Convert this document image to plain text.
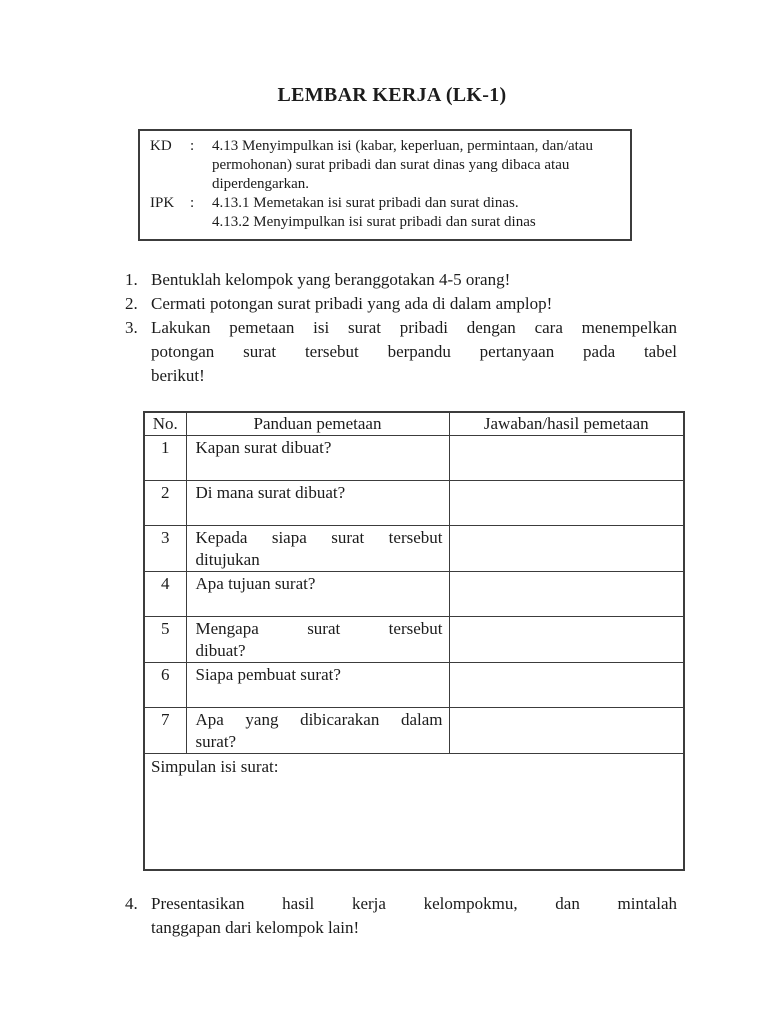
LEMBAR KERJA (LK-1)
KD	:	4.13 Menyimpulkan isi (kabar, keperluan, permintaan, dan/atau
permohonan) surat pribadi dan surat dinas yang dibaca atau
diperdengarkan.
IPK	:	4.13.1 Memetakan isi surat pribadi dan surat dinas.
4.13.2 Menyimpulkan isi surat pribadi dan surat dinas
1. Bentuklah kelompok yang beranggotakan 4-5 orang!
2. Cermati potongan surat pribadi yang ada di dalam amplop!
3. Lakukan pemetaan isi surat pribadi dengan cara menempelkan
potongan surat tersebut berpandu pertanyaan pada tabel
berikut!
No.	Panduan pemetaan	Jawaban/hasil pemetaan
1	Kapan surat dibuat?	

2	Di mana surat dibuat?	

3	Kepada siapa surat tersebut
ditujukan	

4	Apa tujuan surat?	

5	Mengapa surat tersebut
dibuat?	

6	Siapa pembuat surat?	

7	Apa yang dibicarakan dalam
surat?	

Simpulan isi surat:		
4. Presentasikan hasil kerja kelompokmu, dan mintalah
tanggapan dari kelompok lain!
